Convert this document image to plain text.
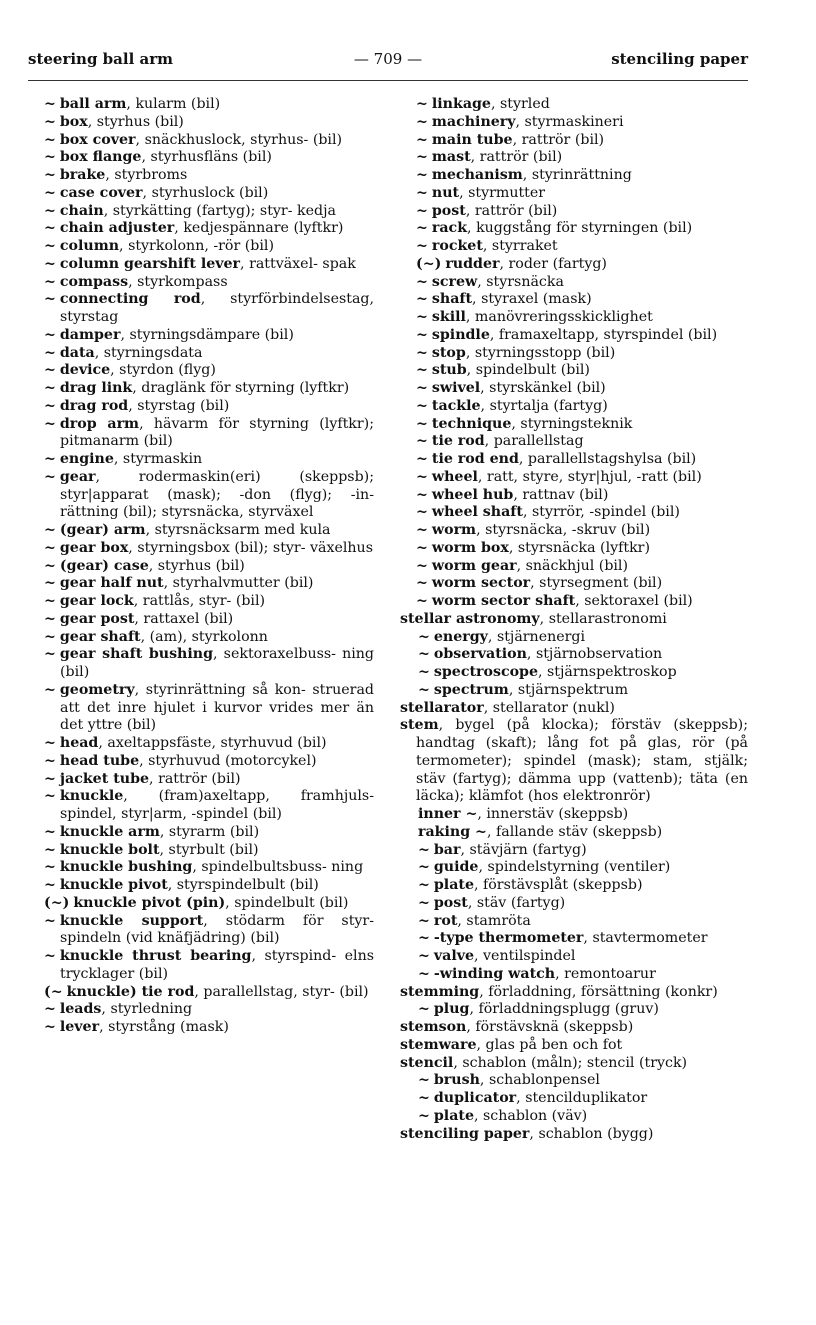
steering ball arm	— 709 —	stenciling paper

~ ball arm, kularm (bil)

~ box, styrhus (bil)

~ box cover, snäckhuslock, styrhus- (bil)

~ box flange, styrhusfläns (bil)

~ brake, styrbroms

~ case cover, styrhuslock (bil)

~ chain, styrkätting (fartyg); styr- kedja

~ chain adjuster, kedjespännare (lyftkr)

~ column, styrkolonn, -rör (bil)

~ column gearshift lever, rattväxel- spak

~ compass, styrkompass

~ connecting rod, styrförbindelsestag, styrstag

~ damper, styrningsdämpare (bil)

~ data, styrningsdata

~ device, styrdon (flyg)

~ drag link, draglänk för styrning (lyftkr)

~ drag rod, styrstag (bil)

~ drop arm, hävarm för styrning (lyftkr); pitmanarm (bil)

~ engine, styrmaskin

~ gear, rodermaskin(eri) (skeppsb); styr|apparat (mask); -don (flyg); -in- rättning (bil); styrsnäcka, styrväxel

~ (gear) arm, styrsnäcksarm med kula

~ gear box, styrningsbox (bil); styr- växelhus

~ (gear) case, styrhus (bil)

~ gear half nut, styrhalvmutter (bil)

~ gear lock, rattlås, styr- (bil)

~ gear post, rattaxel (bil)

~ gear shaft, (am), styrkolonn

~ gear shaft bushing, sektoraxelbuss- ning (bil)

~ geometry, styrinrättning så kon- struerad att det inre hjulet i kurvor vrides mer än det yttre (bil)

~ head, axeltappsfäste, styrhuvud (bil)

~ head tube, styrhuvud (motorcykel)

~ jacket tube, rattrör (bil)

~ knuckle, (fram)axeltapp, framhjuls- spindel, styr|arm, -spindel (bil)

~ knuckle arm, styrarm (bil)

~ knuckle bolt, styrbult (bil)

~ knuckle bushing, spindelbultsbuss- ning

~ knuckle pivot, styrspindelbult (bil)

(~) knuckle pivot (pin), spindelbult (bil)

~ knuckle support, stödarm för styr- spindeln (vid knäfjädring) (bil)

~ knuckle thrust bearing, styrspind- elns trycklager (bil)

(~ knuckle) tie rod, parallellstag, styr- (bil)

~ leads, styrledning

~ lever, styrstång (mask)

~ linkage, styrled

~ machinery, styrmaskineri

~ main tube, rattrör (bil)

~ mast, rattrör (bil)

~ mechanism, styrinrättning

~ nut, styrmutter

~ post, rattrör (bil)

~ rack, kuggstång för styrningen (bil)

~ rocket, styrraket

(~) rudder, roder (fartyg)

~ screw, styrsnäcka

~ shaft, styraxel (mask)

~ skill, manövreringsskicklighet

~ spindle, framaxeltapp, styrspindel (bil)

~ stop, styrningsstopp (bil)

~ stub, spindelbult (bil)

~ swivel, styrskänkel (bil)

~ tackle, styrtalja (fartyg)

~ technique, styrningsteknik

~ tie rod, parallellstag

~ tie rod end, parallellstagshylsa (bil)

~ wheel, ratt, styre, styr|hjul, -ratt (bil)

~ wheel hub, rattnav (bil)

~ wheel shaft, styrrör, -spindel (bil)

~ worm, styrsnäcka, -skruv (bil)

~ worm box, styrsnäcka (lyftkr)

~ worm gear, snäckhjul (bil)

~ worm sector, styrsegment (bil)

~ worm sector shaft, sektoraxel (bil)

stellar astronomy, stellarastronomi

~ energy, stjärnenergi

~ observation, stjärnobservation

~ spectroscope, stjärnspektroskop

~ spectrum, stjärnspektrum

stellarator, stellarator (nukl)

stem, bygel (på klocka); förstäv (skeppsb); handtag (skaft); lång fot på glas, rör (på termometer); spindel (mask); stam, stjälk; stäv (fartyg); dämma upp (vattenb); täta (en läcka); klämfot (hos elektronrör)

inner ~, innerstäv (skeppsb)

raking ~, fallande stäv (skeppsb)

~ bar, stävjärn (fartyg)

~ guide, spindelstyrning (ventiler)

~ plate, förstävsplåt (skeppsb)

~ post, stäv (fartyg)

~ rot, stamröta

~ -type thermometer, stavtermometer

~ valve, ventilspindel

~ -winding watch, remontoarur

stemming, förladdning, försättning (konkr)

~ plug, förladdningsplugg (gruv)

stemson, förstävsknä (skeppsb)

stemware, glas på ben och fot

stencil, schablon (måln); stencil (tryck)

~ brush, schablonpensel

~ duplicator, stencilduplikator

~ plate, schablon (väv)

stenciling paper, schablon (bygg)
